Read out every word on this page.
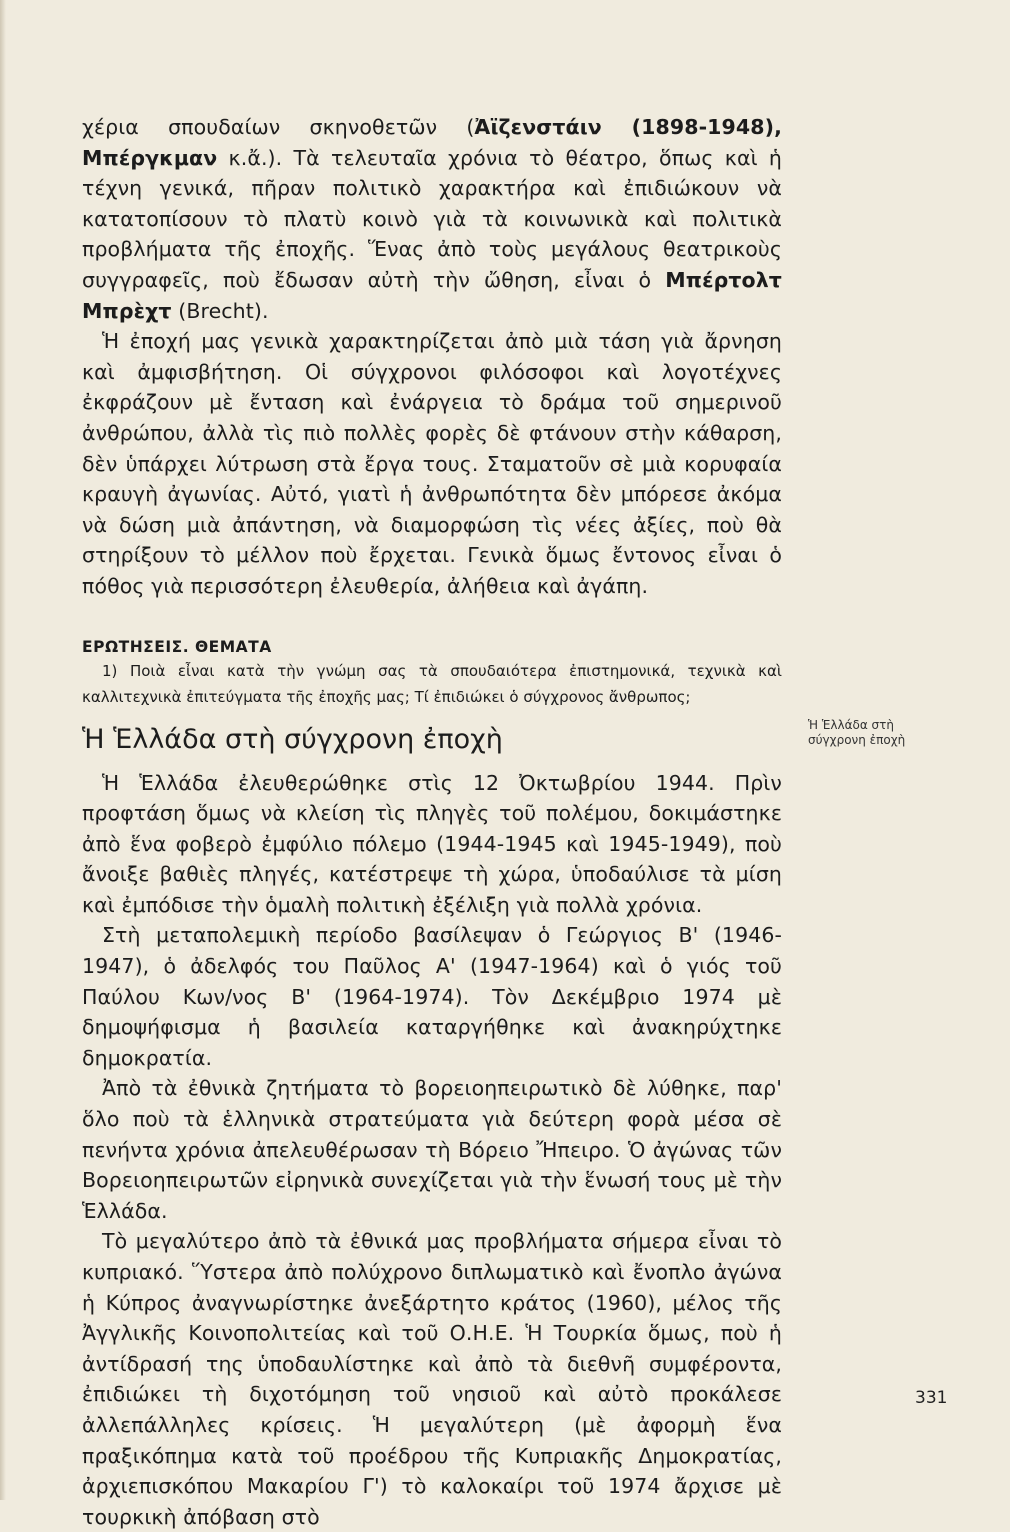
χέρια σπουδαίων σκηνοθετῶν (Ἀϊζενστάιν (1898-1948), Μπέργκμαν κ.ἄ.). Τὰ τελευταῖα χρόνια τὸ θέατρο, ὅπως καὶ ἡ τέχνη γενικά, πῆραν πολιτικὸ χαρακτήρα καὶ ἐπιδιώκουν νὰ κατατοπίσουν τὸ πλατὺ κοινὸ γιὰ τὰ κοινωνικὰ καὶ πολιτικὰ προβλήματα τῆς ἐποχῆς. Ἕνας ἀπὸ τοὺς μεγάλους θεατρικοὺς συγγραφεῖς, ποὺ ἔδωσαν αὐτὴ τὴν ὤθηση, εἶναι ὁ Μπέρτολτ Μπρὲχτ (Brecht).

Ἡ ἐποχή μας γενικὰ χαρακτηρίζεται ἀπὸ μιὰ τάση γιὰ ἄρνηση καὶ ἀμφισβήτηση. Οἱ σύγχρονοι φιλόσοφοι καὶ λογοτέχνες ἐκφράζουν μὲ ἔνταση καὶ ἐνάργεια τὸ δράμα τοῦ σημερινοῦ ἀνθρώπου, ἀλλὰ τὶς πιὸ πολλὲς φορὲς δὲ φτάνουν στὴν κάθαρση, δὲν ὑπάρχει λύτρωση στὰ ἔργα τους. Σταματοῦν σὲ μιὰ κορυφαία κραυγὴ ἀγωνίας. Αὐτό, γιατὶ ἡ ἀνθρωπότητα δὲν μπόρεσε ἀκόμα νὰ δώση μιὰ ἀπάντηση, νὰ διαμορφώση τὶς νέες ἀξίες, ποὺ θὰ στηρίξουν τὸ μέλλον ποὺ ἔρχεται. Γενικὰ ὅμως ἔντονος εἶναι ὁ πόθος γιὰ περισσότερη ἐλευθερία, ἀλήθεια καὶ ἀγάπη.

ΕΡΩΤΗΣΕΙΣ. ΘΕΜΑΤΑ

1) Ποιὰ εἶναι κατὰ τὴν γνώμη σας τὰ σπουδαιότερα ἐπιστημονικά, τεχνικὰ καὶ καλλιτεχνικὰ ἐπιτεύγματα τῆς ἐποχῆς μας; Τί ἐπιδιώκει ὁ σύγχρονος ἄνθρωπος;

Ἡ Ἑλλάδα στὴ σύγχρονη ἐποχὴ

Ἡ Ἑλλάδα ἐλευθερώθηκε στὶς 12 Ὀκτωβρίου 1944. Πρὶν προφτάση ὅμως νὰ κλείση τὶς πληγὲς τοῦ πολέμου, δοκιμάστηκε ἀπὸ ἕνα φοβερὸ ἐμφύλιο πόλεμο (1944-1945 καὶ 1945-1949), ποὺ ἄνοιξε βαθιὲς πληγές, κατέστρεψε τὴ χώρα, ὑποδαύλισε τὰ μίση καὶ ἐμπόδισε τὴν ὁμαλὴ πολιτικὴ ἐξέλιξη γιὰ πολλὰ χρόνια.

Στὴ μεταπολεμικὴ περίοδο βασίλεψαν ὁ Γεώργιος Β' (1946-1947), ὁ ἀδελφός του Παῦλος Α' (1947-1964) καὶ ὁ γιός τοῦ Παύλου Κων/νος Β' (1964-1974). Τὸν Δεκέμβριο 1974 μὲ δημοψήφισμα ἡ βασιλεία καταργήθηκε καὶ ἀνακηρύχτηκε δημοκρατία.

Ἀπὸ τὰ ἐθνικὰ ζητήματα τὸ βορειοηπειρωτικὸ δὲ λύθηκε, παρ' ὅλο ποὺ τὰ ἑλληνικὰ στρατεύματα γιὰ δεύτερη φορὰ μέσα σὲ πενήντα χρόνια ἀπελευθέρωσαν τὴ Βόρειο Ἤπειρο. Ὁ ἀγώνας τῶν Βορειοηπειρωτῶν εἰρηνικὰ συνεχίζεται γιὰ τὴν ἕνωσή τους μὲ τὴν Ἑλλάδα.

Τὸ μεγαλύτερο ἀπὸ τὰ ἐθνικά μας προβλήματα σήμερα εἶναι τὸ κυπριακό. Ὕστερα ἀπὸ πολύχρονο διπλωματικὸ καὶ ἔνοπλο ἀγώνα ἡ Κύπρος ἀναγνωρίστηκε ἀνεξάρτητο κράτος (1960), μέλος τῆς Ἀγγλικῆς Κοινοπολιτείας καὶ τοῦ Ο.Η.Ε. Ἡ Τουρκία ὅμως, ποὺ ἡ ἀντίδρασή της ὑποδαυλίστηκε καὶ ἀπὸ τὰ διεθνῆ συμφέροντα, ἐπιδιώκει τὴ διχοτόμηση τοῦ νησιοῦ καὶ αὐτὸ προκάλεσε ἀλλεπάλληλες κρίσεις. Ἡ μεγαλύτερη (μὲ ἀφορμὴ ἕνα πραξικόπημα κατὰ τοῦ προέδρου τῆς Κυπριακῆς Δημοκρατίας, ἀρχιεπισκόπου Μακαρίου Γ') τὸ καλοκαίρι τοῦ 1974 ἄρχισε μὲ τουρκικὴ ἀπόβαση στὸ

Ἡ Ἑλλάδα στὴ
σύγχρονη ἐποχὴ
331
